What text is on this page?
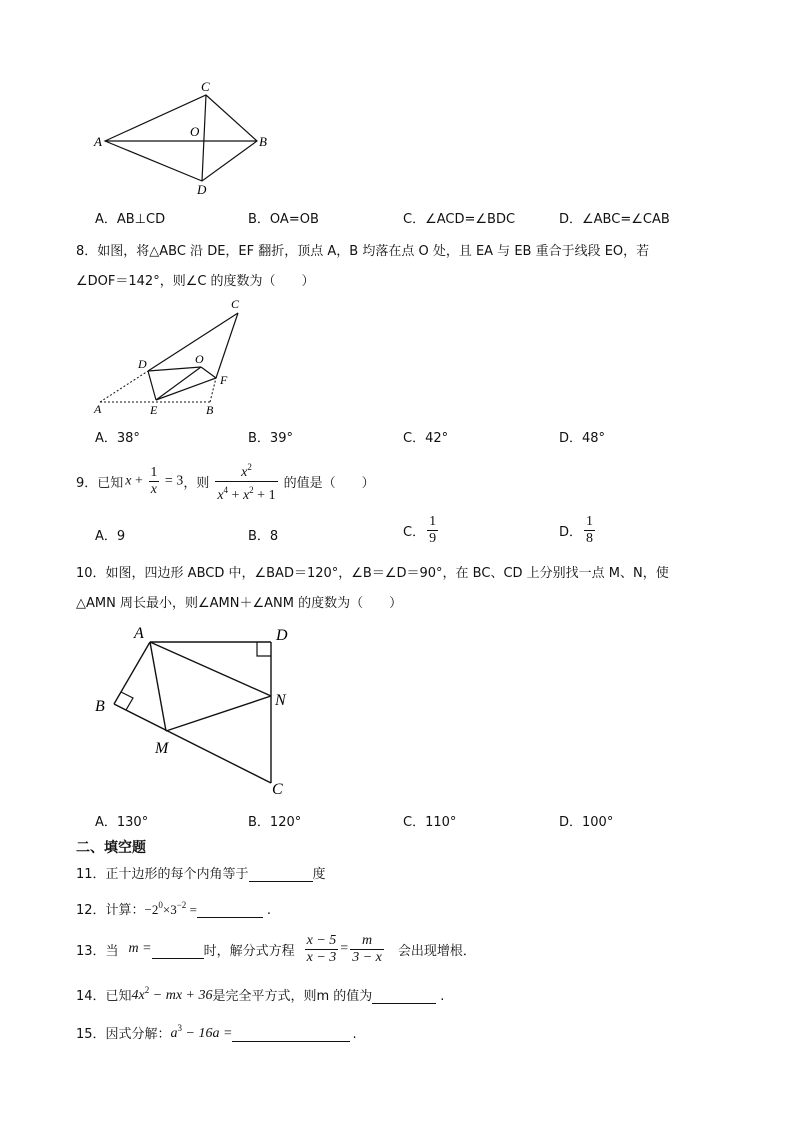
C
A	B
O
D
A．AB⊥CD	B．OA=OB	C．∠ACD=∠BDC	D．∠ABC=∠CAB
8．如图，将△ABC 沿 DE，EF 翻折，顶点 A，B 均落在点 O 处，且 EA 与 EB 重合于线段 EO，若
∠DOF＝142°，则∠C 的度数为（　　）
C
D	O
F
A	E	B
A．38°	B．39°	C．42°	D．48°
9．已知 $x + \frac{1}{x} = 3$ ，则 $\frac{x^2}{x^4 + x^2 + 1}$ 的值是（　　）
A．9	B．8	C． $\frac{1}{9}$	D． $\frac{1}{8}$
10．如图，四边形 ABCD 中，∠BAD＝120°，∠B＝∠D＝90°，在 BC、CD 上分别找一点 M、N，使
△AMN 周长最小，则∠AMN＋∠ANM 的度数为（　　）
A	D
B	N
M
C
A．130°	B．120°	C．110°	D．100°
二、填空题
11．正十边形的每个内角等于	度
12．计算： $-2^0\times 3^{-2}$ =	.
13．当 m =	时，解分式方程 $\frac{x - 5}{x - 3} = \frac{m}{3 - x}$ 会出现增根．
14．已知 $4x^2$ − mx + 36 是完全平方式，则m 的值为	.
15．因式分解： $a^3 - 16a$ =	.
